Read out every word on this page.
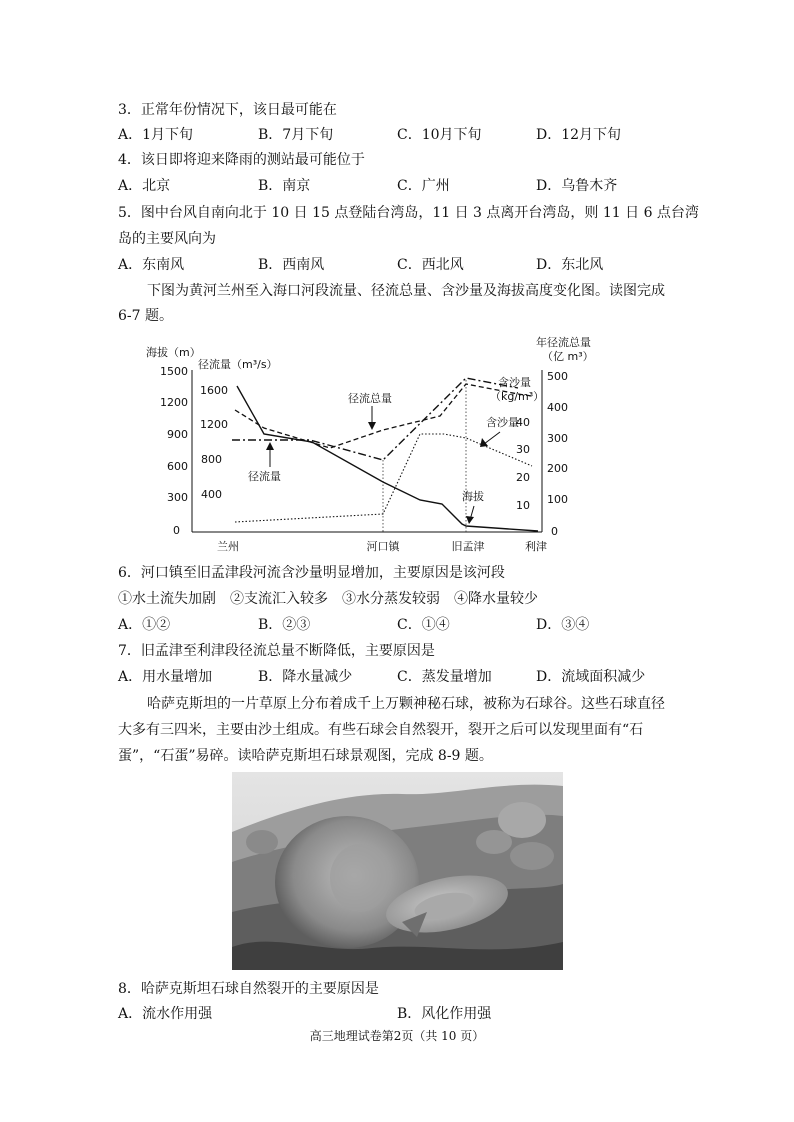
3．正常年份情况下，该日最可能在
A．1月下旬	B．7月下旬	C．10月下旬	D．12月下旬
4．该日即将迎来降雨的测站最可能位于
A．北京	B．南京	C．广州	D．乌鲁木齐
5．图中台风自南向北于 10 日 15 点登陆台湾岛，11 日 3 点离开台湾岛，则 11 日 6 点台湾
岛的主要风向为
A．东南风	B．西南风	C．西北风	D．东北风
下图为黄河兰州至入海口河段流量、径流总量、含沙量及海拔高度变化图。读图完成
6-7 题。
海拔（m）
径流量（m³/s）
年径流总量
（亿 m³）
含沙量
（kg/m³）
1500
1200
900
600
300
0
1600
1200
800
400
500
400
300
200
100
0
40
30
20
10
径流总量
径流量
含沙量
海拔
兰州	河口镇	旧孟津	利津
6．河口镇至旧孟津段河流含沙量明显增加，主要原因是该河段
①水土流失加剧　②支流汇入较多　③水分蒸发较弱　④降水量较少
A．①②	B．②③	C．①④	D．③④
7．旧孟津至利津段径流总量不断降低，主要原因是
A．用水量增加	B．降水量减少	C．蒸发量增加	D．流域面积减少
哈萨克斯坦的一片草原上分布着成千上万颗神秘石球，被称为石球谷。这些石球直径
大多有三四米，主要由沙土组成。有些石球会自然裂开，裂开之后可以发现里面有“石
蛋”，“石蛋”易碎。读哈萨克斯坦石球景观图，完成 8-9 题。
8．哈萨克斯坦石球自然裂开的主要原因是
A．流水作用强	B．风化作用强
高三地理试卷第2页（共 10 页）
